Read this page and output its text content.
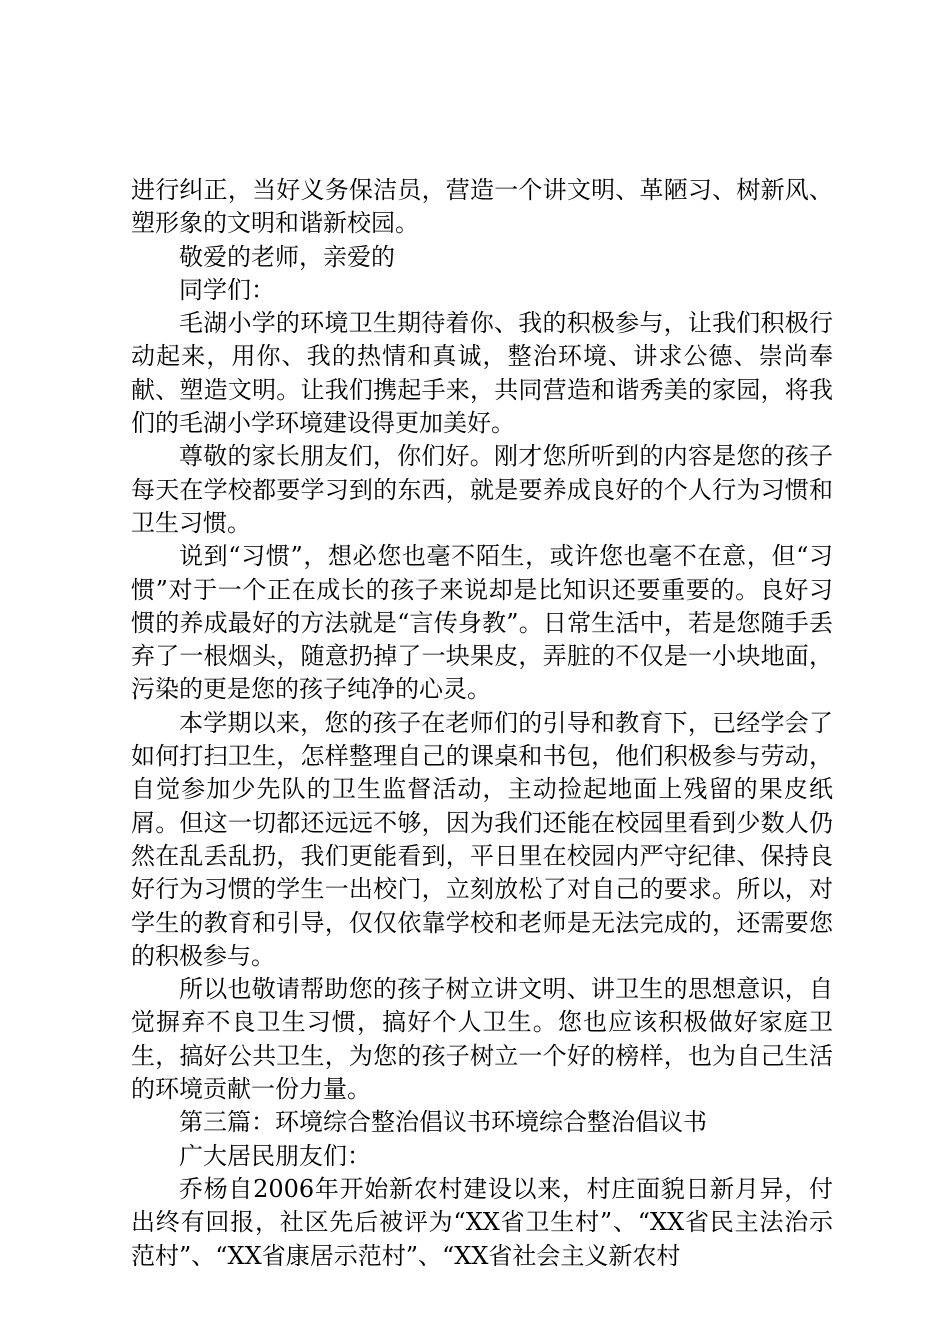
进行纠正，当好义务保洁员，营造一个讲文明、革陋习、树新风、塑形象的文明和谐新校园。

敬爱的老师，亲爱的

同学们：

毛湖小学的环境卫生期待着你、我的积极参与，让我们积极行动起来，用你、我的热情和真诚，整治环境、讲求公德、崇尚奉献、塑造文明。让我们携起手来，共同营造和谐秀美的家园，将我们的毛湖小学环境建设得更加美好。

尊敬的家长朋友们，你们好。刚才您所听到的内容是您的孩子每天在学校都要学习到的东西，就是要养成良好的个人行为习惯和卫生习惯。

说到“习惯”，想必您也毫不陌生，或许您也毫不在意，但“习惯”对于一个正在成长的孩子来说却是比知识还要重要的。良好习惯的养成最好的方法就是“言传身教”。日常生活中，若是您随手丢弃了一根烟头，随意扔掉了一块果皮，弄脏的不仅是一小块地面，污染的更是您的孩子纯净的心灵。

本学期以来，您的孩子在老师们的引导和教育下，已经学会了如何打扫卫生，怎样整理自己的课桌和书包，他们积极参与劳动，自觉参加少先队的卫生监督活动，主动捡起地面上残留的果皮纸屑。但这一切都还远远不够，因为我们还能在校园里看到少数人仍然在乱丢乱扔，我们更能看到，平日里在校园内严守纪律、保持良好行为习惯的学生一出校门，立刻放松了对自己的要求。所以，对学生的教育和引导，仅仅依靠学校和老师是无法完成的，还需要您的积极参与。

所以也敬请帮助您的孩子树立讲文明、讲卫生的思想意识，自觉摒弃不良卫生习惯，搞好个人卫生。您也应该积极做好家庭卫生，搞好公共卫生，为您的孩子树立一个好的榜样，也为自己生活的环境贡献一份力量。

第三篇：环境综合整治倡议书环境综合整治倡议书

广大居民朋友们：

乔杨自2006年开始新农村建设以来，村庄面貌日新月异，付出终有回报，社区先后被评为“XX省卫生村”、“XX省民主法治示范村”、“XX省康居示范村”、“XX省社会主义新农村
